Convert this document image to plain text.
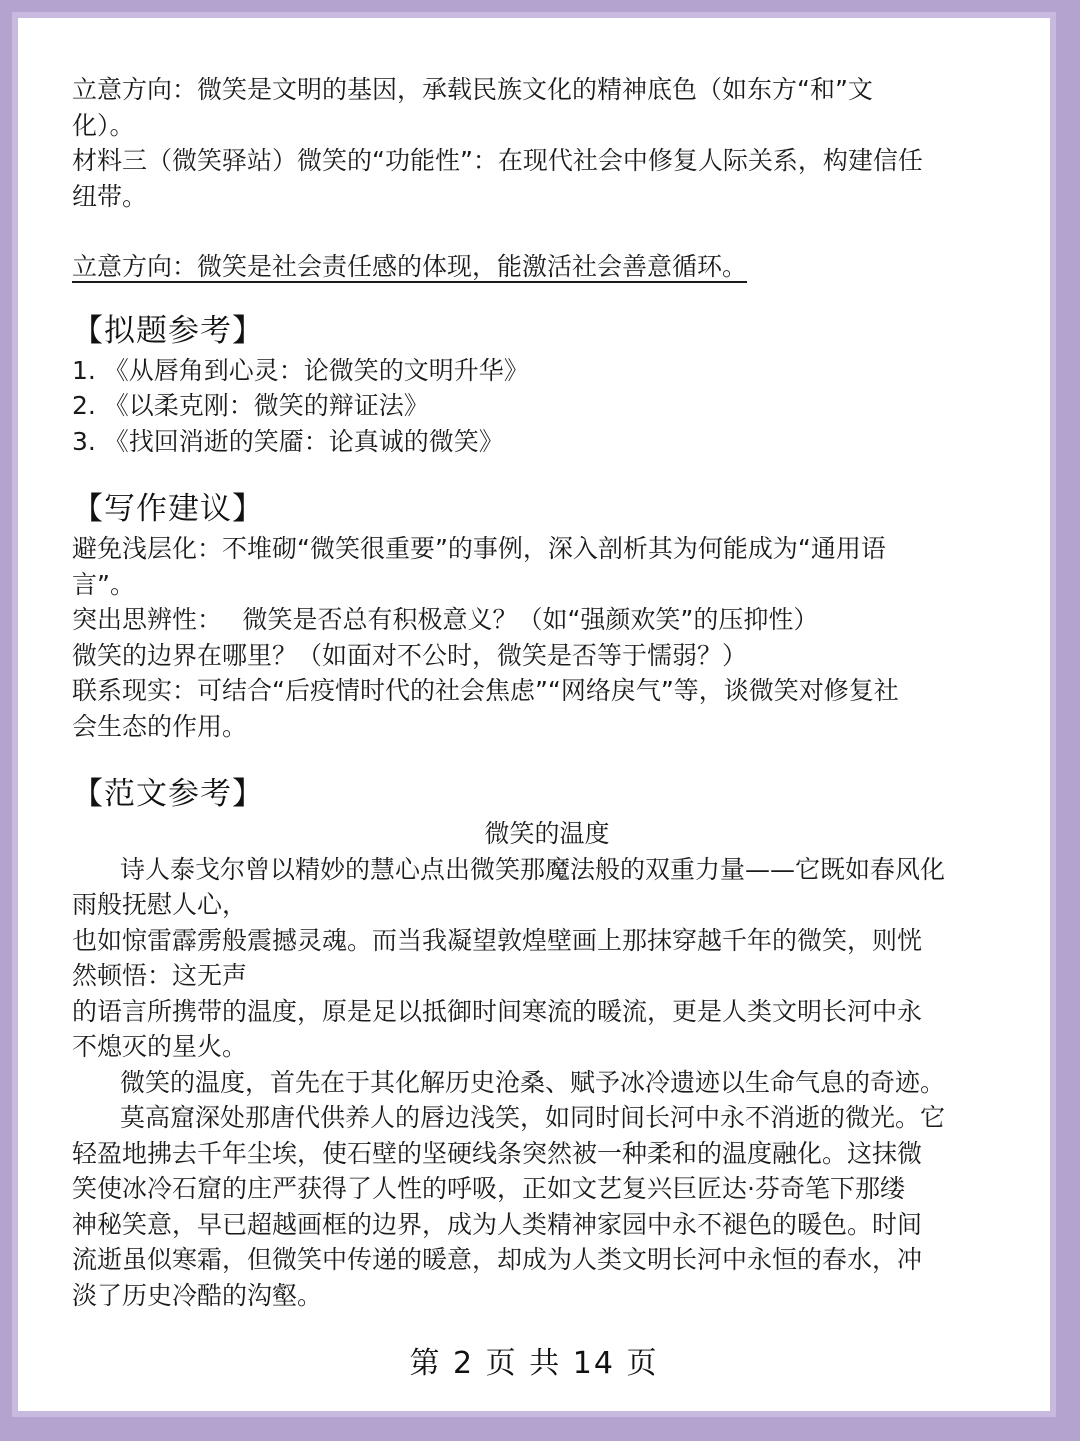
立意方向：微笑是文明的基因，承载民族文化的精神底色（如东方“和”文
化）。
材料三（微笑驿站）微笑的“功能性”：在现代社会中修复人际关系，构建信任
纽带。
立意方向：微笑是社会责任感的体现，能激活社会善意循环。
【拟题参考】
1. 《从唇角到心灵：论微笑的文明升华》
2. 《以柔克刚：微笑的辩证法》
3. 《找回消逝的笑靥：论真诚的微笑》
【写作建议】
避免浅层化：不堆砌“微笑很重要”的事例，深入剖析其为何能成为“通用语
言”。
突出思辨性：　 微笑是否总有积极意义？（如“强颜欢笑”的压抑性）
微笑的边界在哪里？（如面对不公时，微笑是否等于懦弱？）
联系现实：可结合“后疫情时代的社会焦虑”“网络戾气”等，谈微笑对修复社
会生态的作用。
【范文参考】
微笑的温度
诗人泰戈尔曾以精妙的慧心点出微笑那魔法般的双重力量——它既如春风化
雨般抚慰人心，
也如惊雷霹雳般震撼灵魂。而当我凝望敦煌壁画上那抹穿越千年的微笑，则恍
然顿悟：这无声
的语言所携带的温度，原是足以抵御时间寒流的暖流，更是人类文明长河中永
不熄灭的星火。
微笑的温度，首先在于其化解历史沧桑、赋予冰冷遗迹以生命气息的奇迹。
莫高窟深处那唐代供养人的唇边浅笑，如同时间长河中永不消逝的微光。它
轻盈地拂去千年尘埃，使石壁的坚硬线条突然被一种柔和的温度融化。这抹微
笑使冰冷石窟的庄严获得了人性的呼吸，正如文艺复兴巨匠达·芬奇笔下那缕
神秘笑意，早已超越画框的边界，成为人类精神家园中永不褪色的暖色。时间
流逝虽似寒霜，但微笑中传递的暖意，却成为人类文明长河中永恒的春水，冲
淡了历史冷酷的沟壑。
第 2 页 共 14 页
